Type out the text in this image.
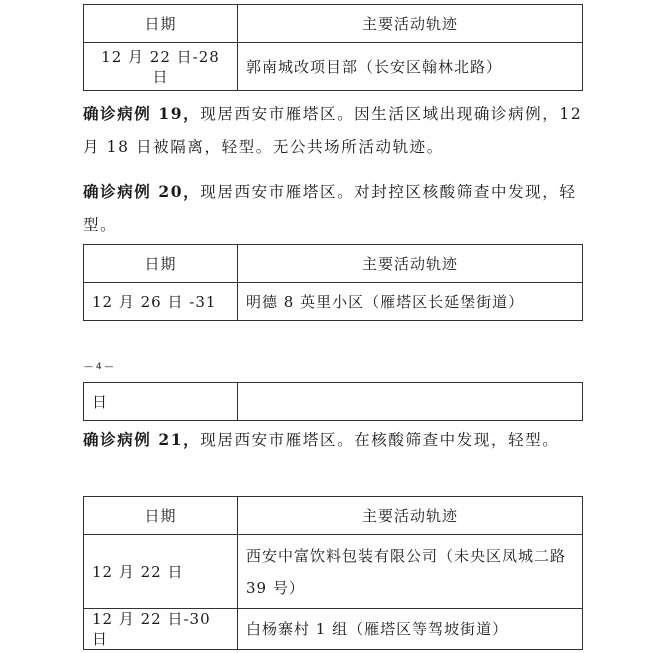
日期	主要活动轨迹
12 月 22 日-28 日	郭南城改项目部（长安区翰林北路）

确诊病例 19，现居西安市雁塔区。因生活区域出现确诊病例，12 月 18 日被隔离，轻型。无公共场所活动轨迹。

确诊病例 20，现居西安市雁塔区。对封控区核酸筛查中发现，轻型。

日期	主要活动轨迹
12 月 26 日 -31	明德 8 英里小区（雁塔区长延堡街道）
— 4 —
日	

确诊病例 21，现居西安市雁塔区。在核酸筛查中发现，轻型。

日期	主要活动轨迹
12 月 22 日	西安中富饮料包装有限公司（未央区凤城二路 39 号）
12 月 22 日-30 日	白杨寨村 1 组（雁塔区等驾坡街道）
